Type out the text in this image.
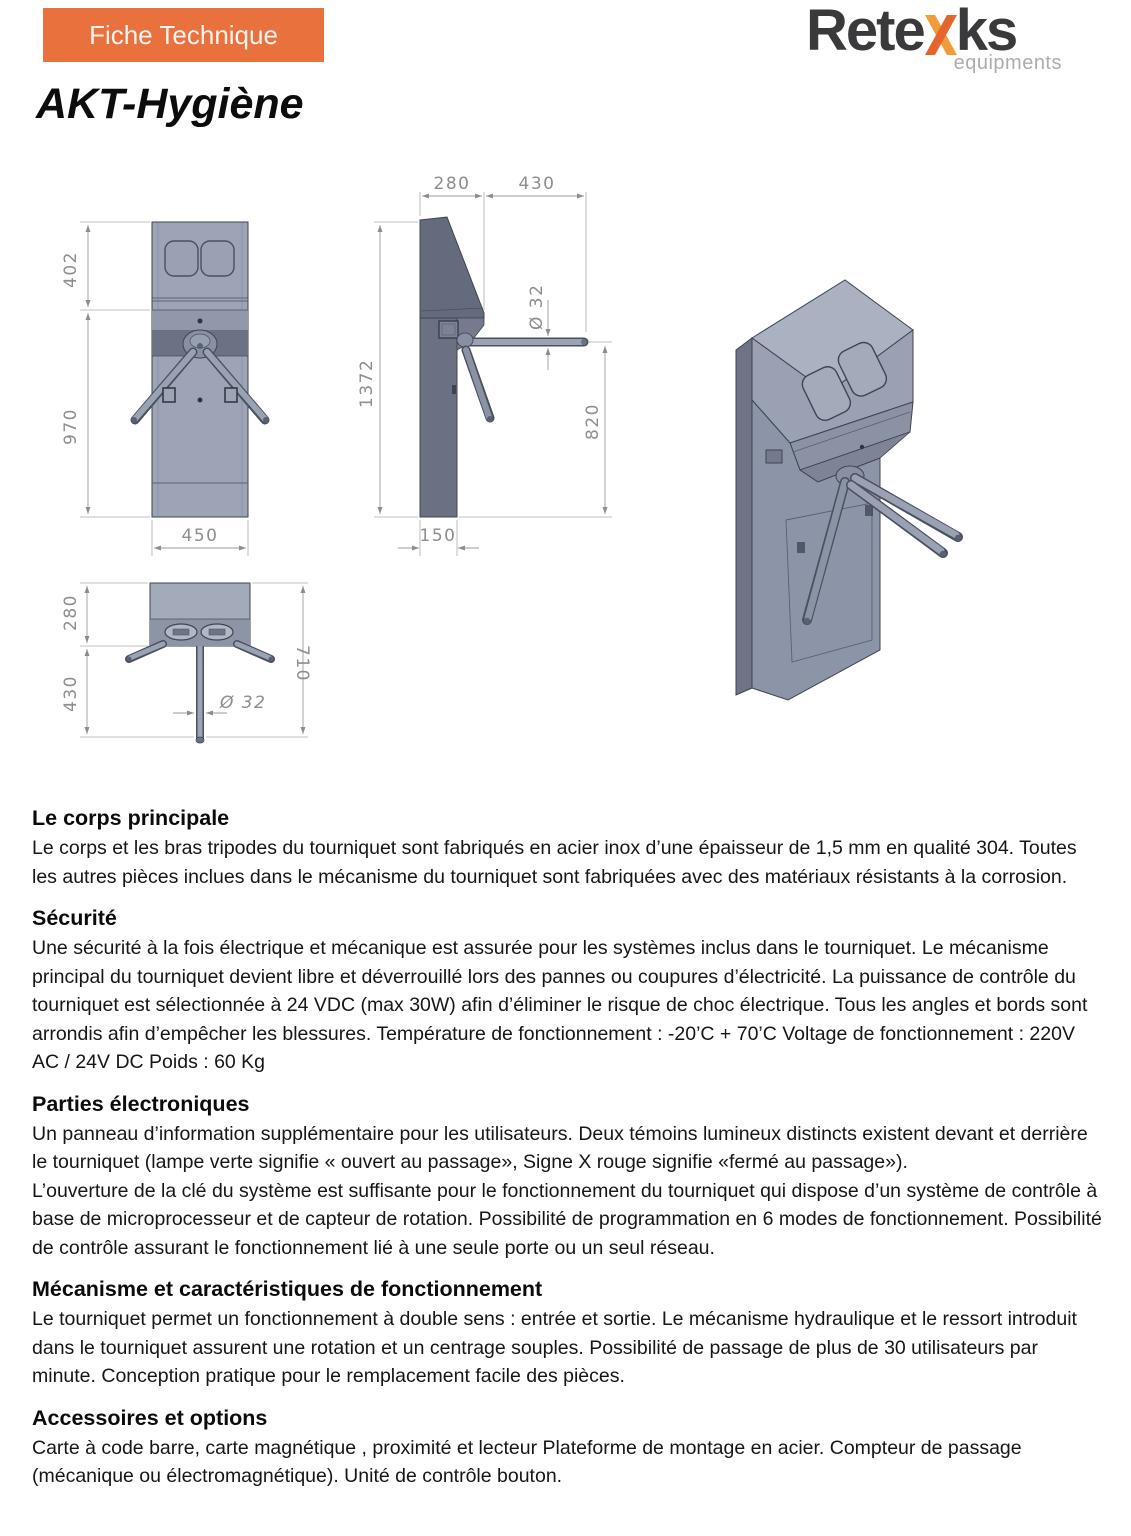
Fiche Technique	Rete ks
equipments
AKT-Hygiène
402
970
450
280	430
1372
Ø 32
820
150
280
430
710
Ø 32
Le corps principale

Le corps et les bras tripodes du tourniquet sont fabriqués en acier inox d’une épaisseur de 1,5 mm en qualité 304. Toutes les autres pièces inclues dans le mécanisme du tourniquet sont fabriquées avec des matériaux résistants à la corrosion.

Sécurité

Une sécurité à la fois électrique et mécanique est assurée pour les systèmes inclus dans le tourniquet. Le mécanisme principal du tourniquet devient libre et déverrouillé lors des pannes ou coupures d’électricité. La puissance de contrôle du tourniquet est sélectionnée à 24 VDC (max 30W) afin d’éliminer le risque de choc électrique. Tous les angles et bords sont arrondis afin d’empêcher les blessures. Température de fonctionnement : -20’C + 70’C Voltage de fonctionnement : 220V AC / 24V DC Poids : 60 Kg

Parties électroniques

Un panneau d’information supplémentaire pour les utilisateurs. Deux témoins lumineux distincts existent devant et derrière le tourniquet (lampe verte signifie « ouvert au passage», Signe X rouge signifie «fermé au passage»).

L’ouverture de la clé du système est suffisante pour le fonctionnement du tourniquet qui dispose d’un système de contrôle à base de microprocesseur et de capteur de rotation. Possibilité de programmation en 6 modes de fonctionnement. Possibilité de contrôle assurant le fonctionnement lié à une seule porte ou un seul réseau.

Mécanisme et caractéristiques de fonctionnement

Le tourniquet permet un fonctionnement à double sens : entrée et sortie. Le mécanisme hydraulique et le ressort introduit dans le tourniquet assurent une rotation et un centrage souples. Possibilité de passage de plus de 30 utilisateurs par minute. Conception pratique pour le remplacement facile des pièces.

Accessoires et options

Carte à code barre, carte magnétique , proximité et lecteur Plateforme de montage en acier. Compteur de passage (mécanique ou électromagnétique). Unité de contrôle bouton.
